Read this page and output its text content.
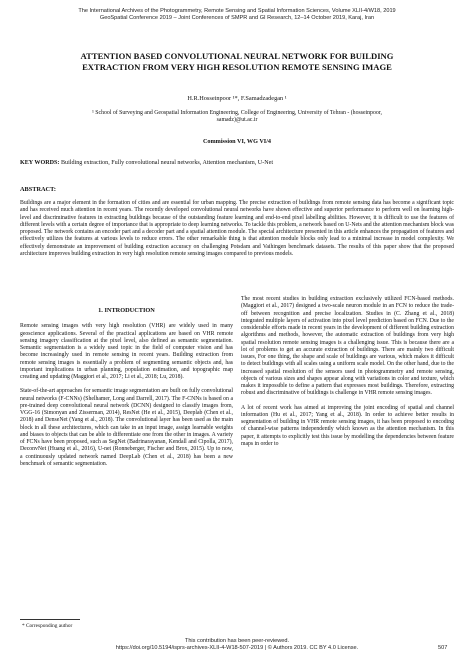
The International Archives of the Photogrammetry, Remote Sensing and Spatial Information Sciences, Volume XLII-4/W18, 2019
GeoSpatial Conference 2019 – Joint Conferences of SMPR and GI Research, 12–14 October 2019, Karaj, Iran
ATTENTION BASED CONVOLUTIONAL NEURAL NETWORK FOR BUILDING
EXTRACTION FROM VERY HIGH RESOLUTION REMOTE SENSING IMAGE
H.R.Hosseinpoor ¹*, F.Samadzadegan ¹
¹ School of Surveying and Geospatial Information Engineering, College of Engineering, University of Tehran - (hosseinpoor,
samadz)@ut.ac.ir
Commission VI, WG VI/4
KEY WORDS: Building extraction, Fully convolutional neural networks, Attention mechanism, U-Net
ABSTRACT:
Buildings are a major element in the formation of cities and are essential for urban mapping. The precise extraction of buildings from remote sensing data has become a significant topic and has received much attention in recent years. The recently developed convolutional neural networks have shown effective and superior performance to perform well on learning high-level and discriminative features in extracting buildings because of the outstanding feature learning and end-to-end pixel labelling abilities. However, it is difficult to use the features of different levels with a certain degree of importance that is appropriate to deep learning networks. To tackle this problem, a network based on U-Nets and the attention mechanism block was proposed. The network contains an encoder part and a decoder part and a spatial attention module. The special architecture presented in this article enhances the propagation of features and effectively utilizes the features at various levels to reduce errors. The other remarkable thing is that attention module blocks only lead to a minimal increase in model complexity. We effectively demonstrate an improvement of building extraction accuracy on challenging Potsdam and Vaihingen benchmark datasets. The results of this paper show that the proposed architecture improves building extraction in very high resolution remote sensing images compared to previous models.
1. INTRODUCTION

Remote sensing images with very high resolution (VHR) are widely used in many geoscience applications. Several of the practical applications are based on VHR remote sensing imagery classification at the pixel level, also defined as semantic segmentation. Semantic segmentation is a widely used topic in the field of computer vision and has become increasingly used in remote sensing in recent years. Building extraction from remote sensing images is essentially a problem of segmenting semantic objects and, has important implications in urban planning, population estimation, and topographic map creating and updating (Maggiori et al., 2017; Li et al., 2018; Lu, 2018).

State-of-the-art approaches for semantic image segmentation are built on fully convolutional neural networks (F-CNNs) (Shelhamer, Long and Darrell, 2017). The F-CNNs is based on a pre-trained deep convolutional neural network (DCNN) designed to classify images from, VGG-16 (Simonyan and Zisserman, 2014), ResNet (He et al., 2015), Deeplab (Chen et al., 2018) and DenseNet (Yang et al., 2018). The convolutional layer has been used as the main block in all these architectures, which can take in an input image, assign learnable weights and biases to objects that can be able to differentiate one from the other in images. A variety of FCNs have been proposed, such as SegNet (Badrinarayanan, Kendall and Cipolla, 2017), DeconvNet (Huang et al., 2016), U-net (Ronneberger, Fischer and Brox, 2015). Up to now, a continuously updated network named DeepLab (Chen et al., 2018) has been a new benchmark of semantic segmentation.

The most recent studies in building extraction exclusively utilized FCN-based methods. (Maggiori et al., 2017) designed a two-scale neuron module in an FCN to reduce the trade-off between recognition and precise localization. Studies in (C. Zhang et al., 2018) integrated multiple layers of activation into pixel level prediction based on FCN. Due to the considerable efforts made in recent years in the development of different building extraction algorithms and methods, however, the automatic extraction of buildings from very high spatial resolution remote sensing images is a challenging issue. This is because there are a lot of problems to get an accurate extraction of buildings. There are mainly two difficult issues, For one thing, the shape and scale of buildings are various, which makes it difficult to detect buildings with all scales using a uniform scale model. On the other hand, due to the increased spatial resolution of the sensors used in photogrammetry and remote sensing, objects of various sizes and shapes appear along with variations in color and texture, which makes it impossible to define a pattern that expresses most buildings. Therefore, extracting robust and discriminative of buildings is challenge in VHR remote sensing images.

A lot of recent work has aimed at improving the joint encoding of spatial and channel information (Hu et al., 2017; Yang et al., 2018). In order to achieve better results in segmentation of building in VHR remote sensing images, it has been proposed to encoding of channel-wise patterns independently which known as the attention mechanism. In this paper, it attempts to explicitly test this issue by modelling the dependencies between feature maps in order to

* Corresponding author
This contribution has been peer-reviewed.
https://doi.org/10.5194/isprs-archives-XLII-4-W18-507-2019 | © Authors 2019. CC BY 4.0 License.	507
